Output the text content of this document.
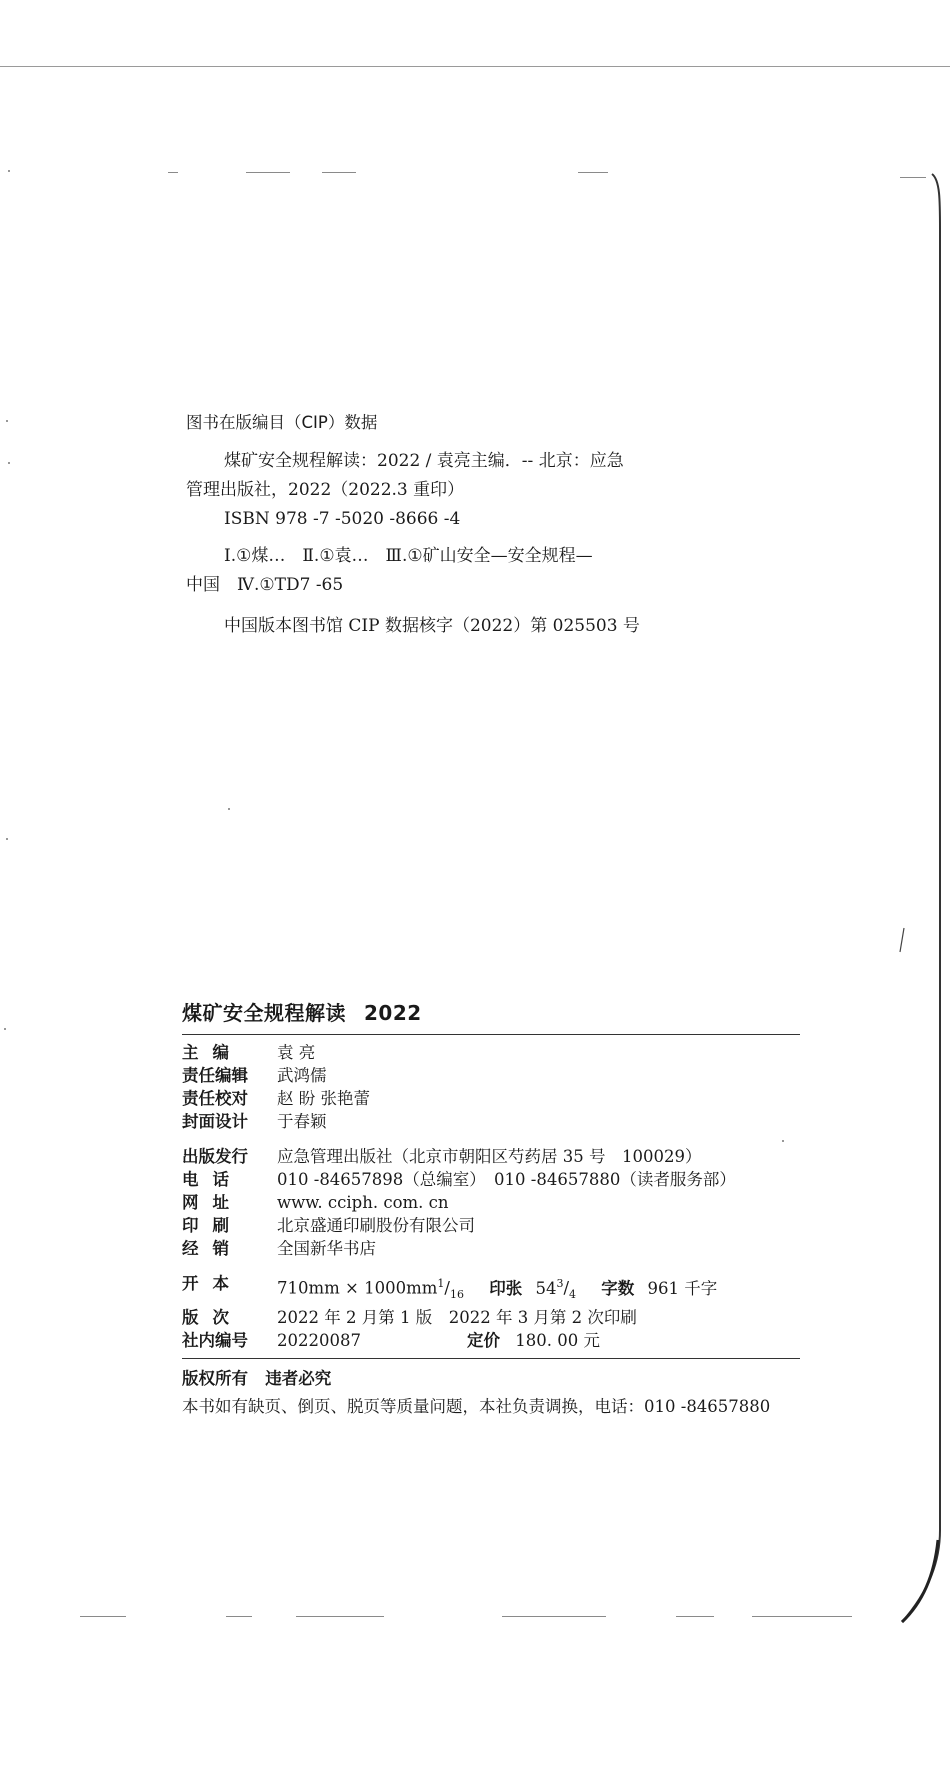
图书在版编目（CIP）数据
煤矿安全规程解读：2022 / 袁亮主编．-- 北京：应急
管理出版社，2022（2022.3 重印）
ISBN 978 -7 -5020 -8666 -4
Ⅰ.①煤…　Ⅱ.①袁…　Ⅲ.①矿山安全—安全规程—
中国　Ⅳ.①TD7 -65
中国版本图书馆 CIP 数据核字（2022）第 025503 号
煤矿安全规程解读 2022
主编	袁 亮
责任编辑	武鸿儒
责任校对	赵 盼 张艳蕾
封面设计	于春颖
出版发行	应急管理出版社（北京市朝阳区芍药居 35 号　100029）
电话	010 -84657898（总编室）　010 -84657880（读者服务部）
网址	www. cciph. com. cn
印刷	北京盛通印刷股份有限公司
经销	全国新华书店
开本	$710mm \times 1000mm^1/_{16}$ 印张 $54^3/_4$ 字数 961 千字
版次	2022 年 2 月第 1 版　2022 年 3 月第 2 次印刷
社内编号	20220087	定价 180. 00 元
版权所有 违者必究
本书如有缺页、倒页、脱页等质量问题，本社负责调换，电话：010 -84657880
